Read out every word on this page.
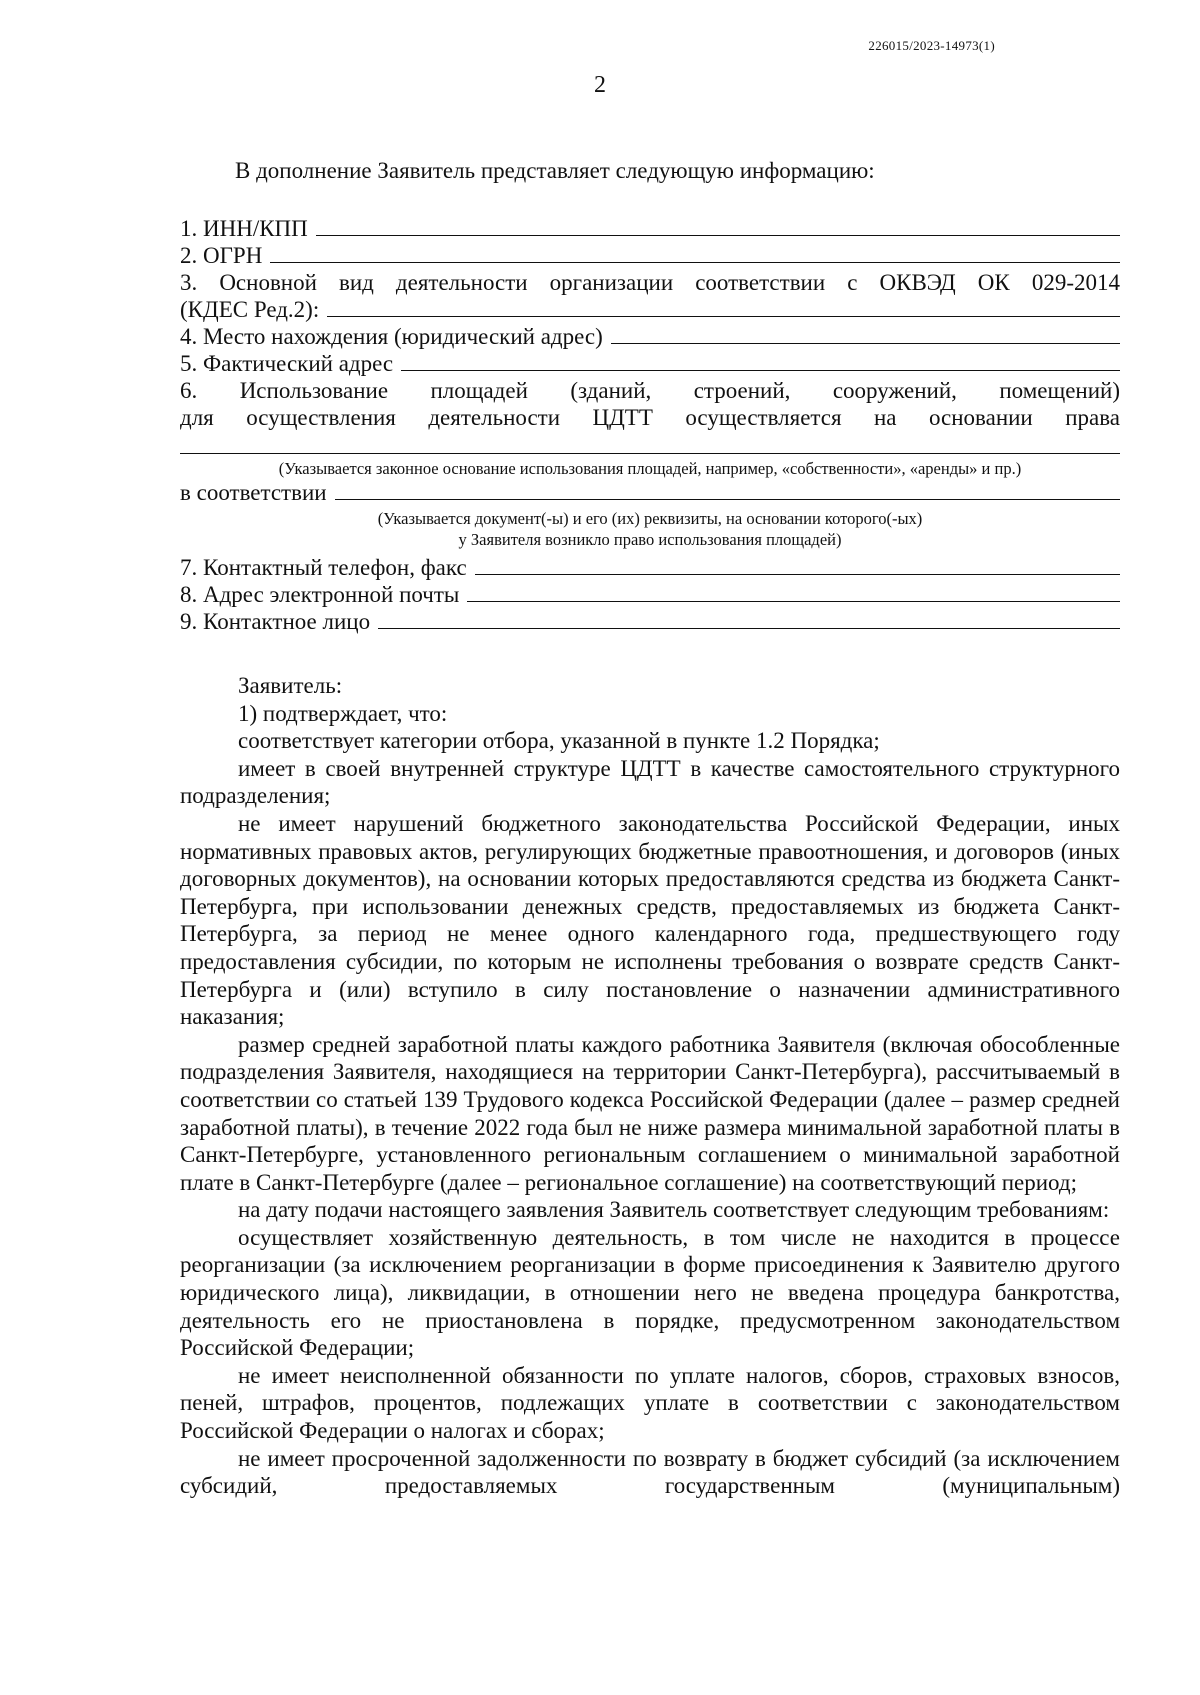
226015/2023-14973(1)
2
В дополнение Заявитель представляет следующую информацию:
1. ИНН/КПП
2. ОГРН
3. Основной вид деятельности организации соответствии с ОКВЭД ОК 029-2014
(КДЕС Ред.2):
4. Место нахождения (юридический адрес)
5. Фактический адрес
6. Использование площадей (зданий, строений, сооружений, помещений)
для осуществления деятельности ЦДТТ осуществляется на основании права
(Указывается законное основание использования площадей, например, «собственности», «аренды» и пр.)
в соответствии
(Указывается документ(-ы) и его (их) реквизиты, на основании которого(-ых)
у Заявителя возникло право использования площадей)
7. Контактный телефон, факс
8. Адрес электронной почты
9. Контактное лицо

Заявитель:

1) подтверждает, что:

соответствует категории отбора, указанной в пункте 1.2 Порядка;

имеет в своей внутренней структуре ЦДТТ в качестве самостоятельного структурного подразделения;

не имеет нарушений бюджетного законодательства Российской Федерации, иных нормативных правовых актов, регулирующих бюджетные правоотношения, и договоров (иных договорных документов), на основании которых предоставляются средства из бюджета Санкт-Петербурга, при использовании денежных средств, предоставляемых из бюджета Санкт-Петербурга, за период не менее одного календарного года, предшествующего году предоставления субсидии, по которым не исполнены требования о возврате средств Санкт-Петербурга и (или) вступило в силу постановление о назначении административного наказания;

размер средней заработной платы каждого работника Заявителя (включая обособленные подразделения Заявителя, находящиеся на территории Санкт-Петербурга), рассчитываемый в соответствии со статьей 139 Трудового кодекса Российской Федерации (далее – размер средней заработной платы), в течение 2022 года был не ниже размера минимальной заработной платы в Санкт-Петербурге, установленного региональным соглашением о минимальной заработной плате в Санкт-Петербурге (далее – региональное соглашение) на соответствующий период;

на дату подачи настоящего заявления Заявитель соответствует следующим требованиям:

осуществляет хозяйственную деятельность, в том числе не находится в процессе реорганизации (за исключением реорганизации в форме присоединения к Заявителю другого юридического лица), ликвидации, в отношении него не введена процедура банкротства, деятельность его не приостановлена в порядке, предусмотренном законодательством Российской Федерации;

не имеет неисполненной обязанности по уплате налогов, сборов, страховых взносов, пеней, штрафов, процентов, подлежащих уплате в соответствии с законодательством Российской Федерации о налогах и сборах;

не имеет просроченной задолженности по возврату в бюджет субсидий (за исключением субсидий, предоставляемых государственным (муниципальным)
